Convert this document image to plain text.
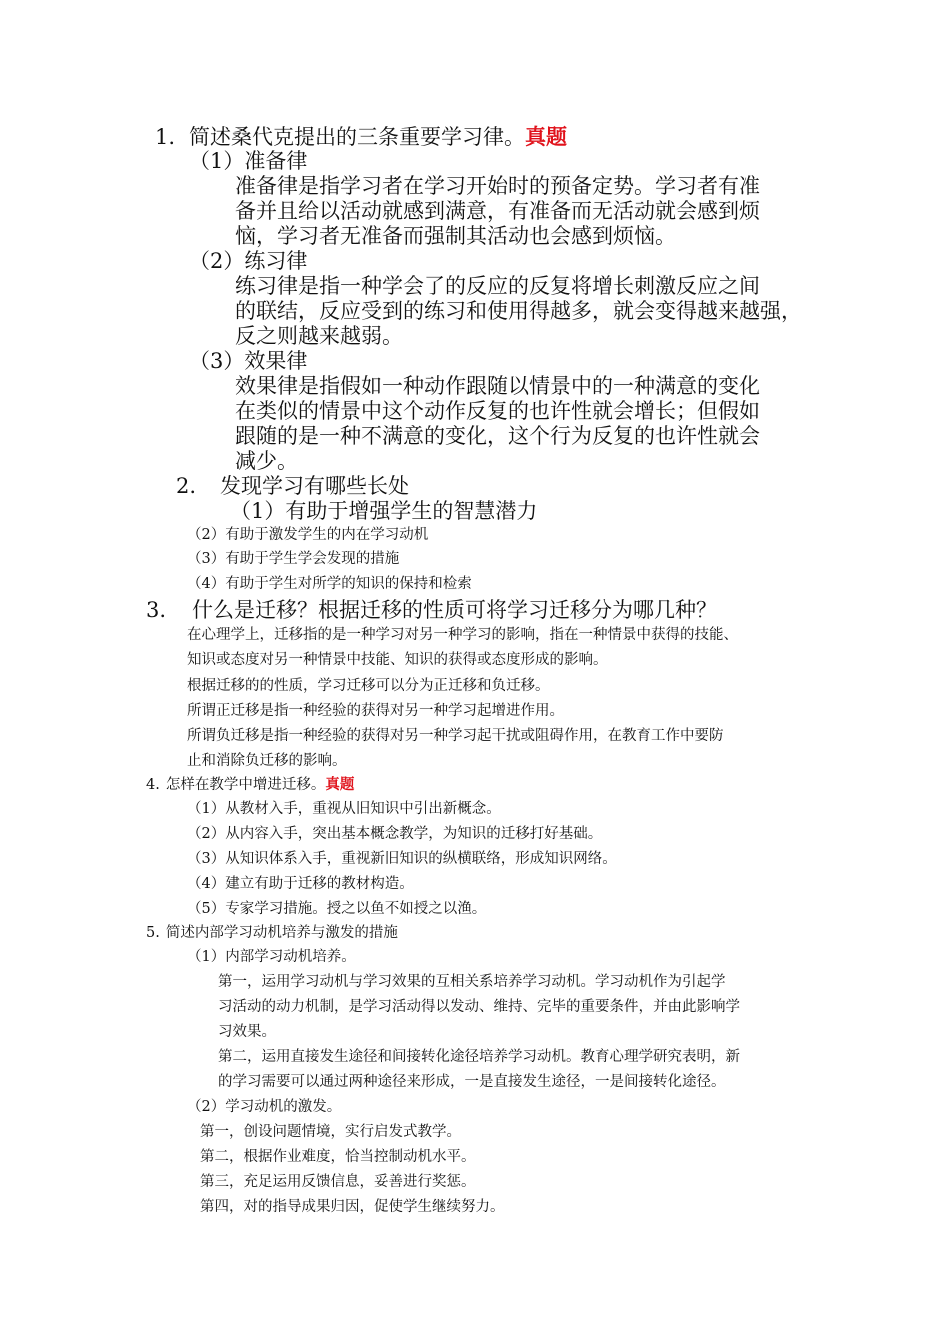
1. 简述桑代克提出的三条重要学习律。真题
（1）准备律
准备律是指学习者在学习开始时的预备定势。学习者有准
备并且给以活动就感到满意，有准备而无活动就会感到烦
恼，学习者无准备而强制其活动也会感到烦恼。
（2）练习律
练习律是指一种学会了的反应的反复将增长刺激反应之间
的联结，反应受到的练习和使用得越多，就会变得越来越强，
反之则越来越弱。
（3）效果律
效果律是指假如一种动作跟随以情景中的一种满意的变化
在类似的情景中这个动作反复的也许性就会增长；但假如
跟随的是一种不满意的变化，这个行为反复的也许性就会
减少。
2. 发现学习有哪些长处
（1）有助于增强学生的智慧潜力
（2）有助于激发学生的内在学习动机
（3）有助于学生学会发现的措施
（4）有助于学生对所学的知识的保持和检索
3. 什么是迁移？根据迁移的性质可将学习迁移分为哪几种？
在心理学上，迁移指的是一种学习对另一种学习的影响，指在一种情景中获得的技能、
知识或态度对另一种情景中技能、知识的获得或态度形成的影响。
根据迁移的的性质，学习迁移可以分为正迁移和负迁移。
所谓正迁移是指一种经验的获得对另一种学习起增进作用。
所谓负迁移是指一种经验的获得对另一种学习起干扰或阻碍作用，在教育工作中要防
止和消除负迁移的影响。
4. 怎样在教学中增进迁移。真题
（1）从教材入手，重视从旧知识中引出新概念。
（2）从内容入手，突出基本概念教学，为知识的迁移打好基础。
（3）从知识体系入手，重视新旧知识的纵横联络，形成知识网络。
（4）建立有助于迁移的教材构造。
（5）专家学习措施。授之以鱼不如授之以渔。
5. 简述内部学习动机培养与激发的措施
（1）内部学习动机培养。
第一，运用学习动机与学习效果的互相关系培养学习动机。学习动机作为引起学
习活动的动力机制，是学习活动得以发动、维持、完毕的重要条件，并由此影响学
习效果。
第二，运用直接发生途径和间接转化途径培养学习动机。教育心理学研究表明，新
的学习需要可以通过两种途径来形成，一是直接发生途径，一是间接转化途径。
（2）学习动机的激发。
第一，创设问题情境，实行启发式教学。
第二，根据作业难度，恰当控制动机水平。
第三，充足运用反馈信息，妥善进行奖惩。
第四，对的指导成果归因，促使学生继续努力。
